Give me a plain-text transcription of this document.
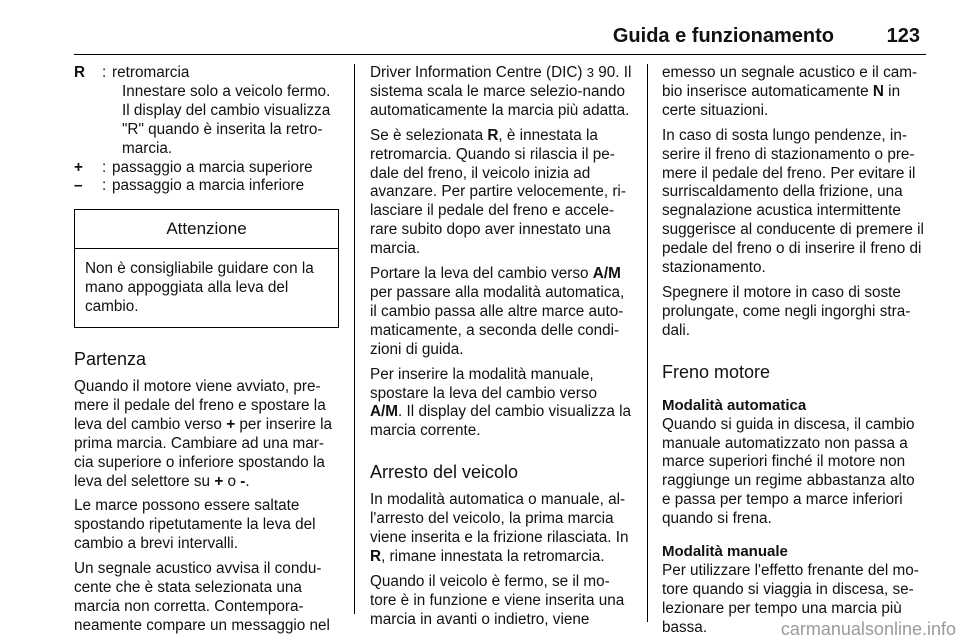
Guida e funzionamento	123
R	: retromarcia

Innestare solo a veicolo fermo. Il display del cambio visualizza "R" quando è inserita la retro-marcia.

+	: passaggio a marcia superiore
–	: passaggio a marcia inferiore
Attenzione
Non è consigliabile guidare con la mano appoggiata alla leva del cambio.
Partenza

Quando il motore viene avviato, pre-mere il pedale del freno e spostare la leva del cambio verso + per inserire la prima marcia. Cambiare ad una mar-cia superiore o inferiore spostando la leva del selettore su + o -.

Le marce possono essere saltate spostando ripetutamente la leva del cambio a brevi intervalli.

Un segnale acustico avvisa il condu-cente che è stata selezionata una marcia non corretta. Contempora-neamente compare un messaggio nel

Driver Information Centre (DIC) 3 90. Il sistema scala le marce selezio-nando automaticamente la marcia più adatta.

Se è selezionata R, è innestata la retromarcia. Quando si rilascia il pe-dale del freno, il veicolo inizia ad avanzare. Per partire velocemente, ri-lasciare il pedale del freno e accele-rare subito dopo aver innestato una marcia.

Portare la leva del cambio verso A/M per passare alla modalità automatica, il cambio passa alle altre marce auto-maticamente, a seconda delle condi-zioni di guida.

Per inserire la modalità manuale, spostare la leva del cambio verso A/M. Il display del cambio visualizza la marcia corrente.

Arresto del veicolo

In modalità automatica o manuale, al-l'arresto del veicolo, la prima marcia viene inserita e la frizione rilasciata. In R, rimane innestata la retromarcia.

Quando il veicolo è fermo, se il mo-tore è in funzione e viene inserita una marcia in avanti o indietro, viene

emesso un segnale acustico e il cam-bio inserisce automaticamente N in certe situazioni.

In caso di sosta lungo pendenze, in-serire il freno di stazionamento o pre-mere il pedale del freno. Per evitare il surriscaldamento della frizione, una segnalazione acustica intermittente suggerisce al conducente di premere il pedale del freno o di inserire il freno di stazionamento.

Spegnere il motore in caso di soste prolungate, come negli ingorghi stra-dali.

Freno motore
Modalità automatica

Quando si guida in discesa, il cambio manuale automatizzato non passa a marce superiori finché il motore non raggiunge un regime abbastanza alto e passa per tempo a marce inferiori quando si frena.

Modalità manuale

Per utilizzare l'effetto frenante del mo-tore quando si viaggia in discesa, se-lezionare per tempo una marcia più bassa.	carmanualsonline.info
